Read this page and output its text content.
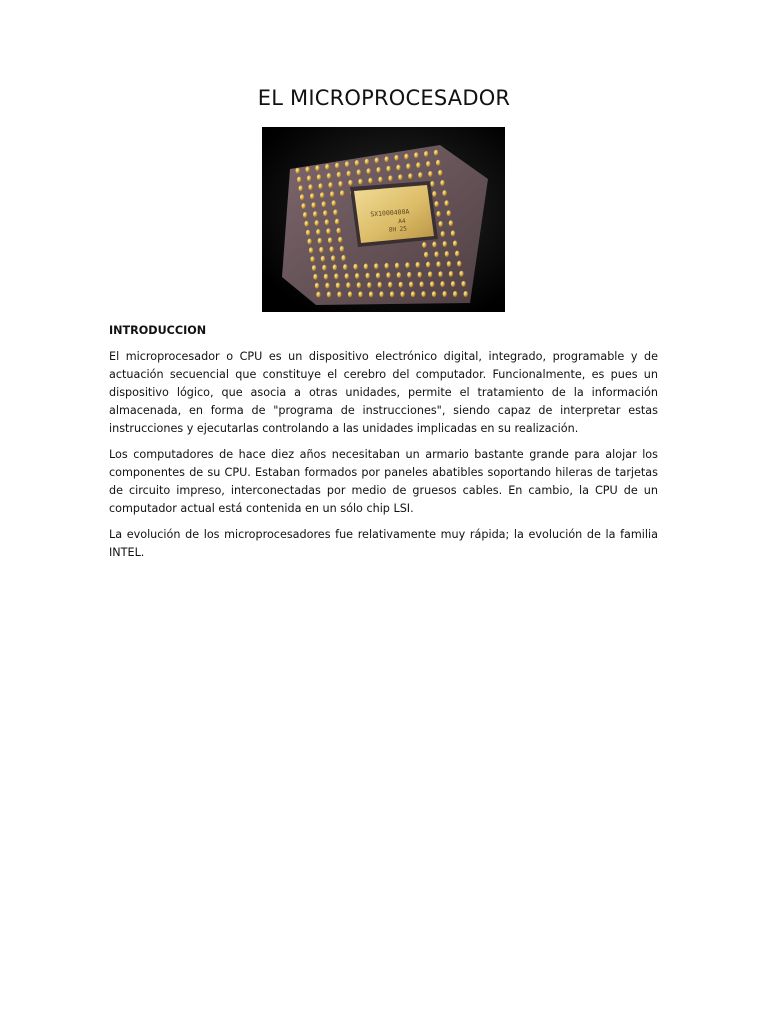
EL MICROPROCESADOR
SX1000400A
A4
8H 25

INTRODUCCION

El microprocesador o CPU es un dispositivo electrónico digital, integrado, programable y de actuación secuencial que constituye el cerebro del computador. Funcionalmente, es pues un dispositivo lógico, que asocia a otras unidades, permite el tratamiento de la información almacenada, en forma de "programa de instrucciones", siendo capaz de interpretar estas instrucciones y ejecutarlas controlando a las unidades implicadas en su realización.

Los computadores de hace diez años necesitaban un armario bastante grande para alojar los componentes de su CPU. Estaban formados por paneles abatibles soportando hileras de tarjetas de circuito impreso, interconectadas por medio de gruesos cables. En cambio, la CPU de un computador actual está contenida en un sólo chip LSI.

La evolución de los microprocesadores fue relativamente muy rápida; la evolución de la familia INTEL.
